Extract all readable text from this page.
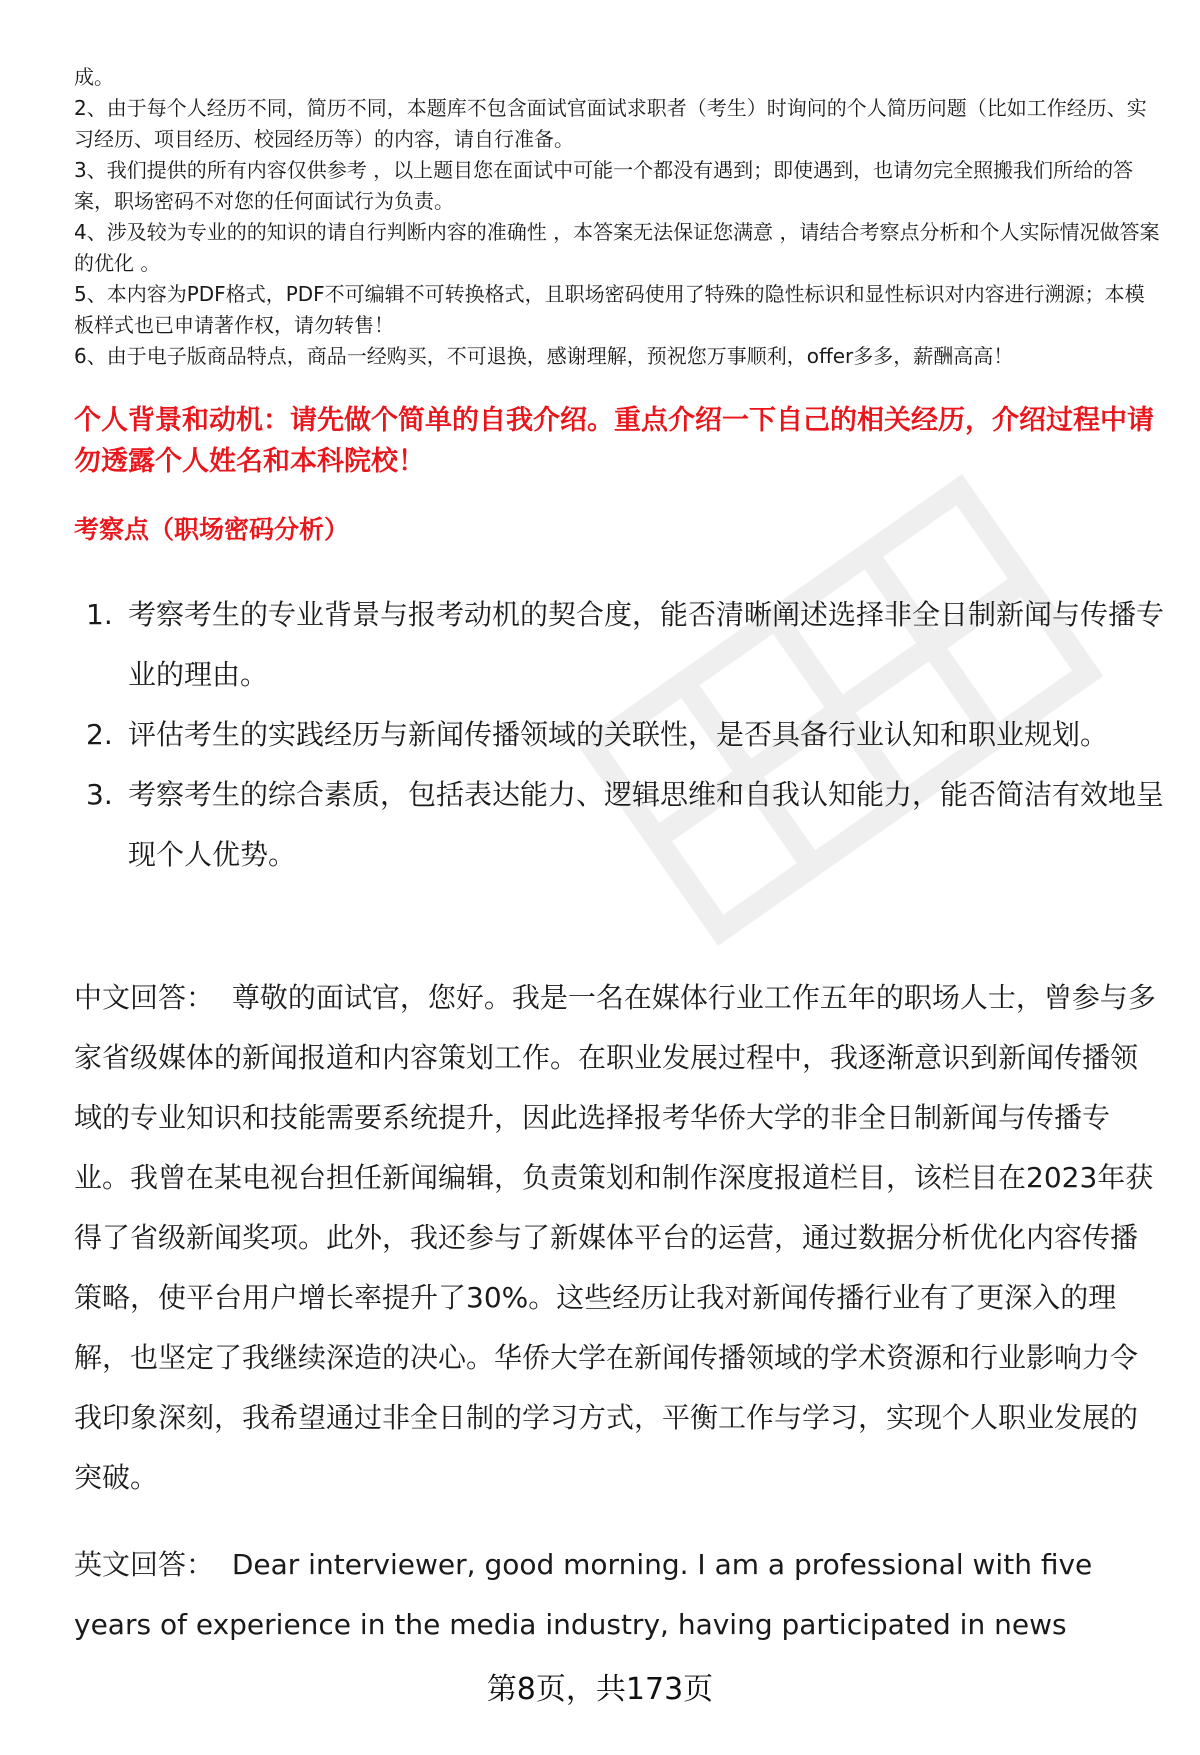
成。

2、由于每个人经历不同，简历不同，本题库不包含面试官面试求职者（考生）时询问的个人简历问题（比如工作经历、实习经历、项目经历、校园经历等）的内容，请自行准备。

3、我们提供的所有内容仅供参考 ，以上题目您在面试中可能一个都没有遇到；即使遇到，也请勿完全照搬我们所给的答案，职场密码不对您的任何面试行为负责。

4、涉及较为专业的的知识的请自行判断内容的准确性 ，本答案无法保证您满意 ，请结合考察点分析和个人实际情况做答案的优化 。

5、本内容为PDF格式，PDF不可编辑不可转换格式，且职场密码使用了特殊的隐性标识和显性标识对内容进行溯源；本模板样式也已申请著作权，请勿转售！

6、由于电子版商品特点，商品一经购买，不可退换，感谢理解，预祝您万事顺利，offer多多，薪酬高高！

个人背景和动机：请先做个简单的自我介绍。重点介绍一下自己的相关经历，介绍过程中请勿透露个人姓名和本科院校！
考察点（职场密码分析）
1. 考察考生的专业背景与报考动机的契合度，能否清晰阐述选择非全日制新闻与传播专业的理由。
2. 评估考生的实践经历与新闻传播领域的关联性，是否具备行业认知和职业规划。
3. 考察考生的综合素质，包括表达能力、逻辑思维和自我认知能力，能否简洁有效地呈现个人优势。

中文回答： 尊敬的面试官，您好。我是一名在媒体行业工作五年的职场人士，曾参与多家省级媒体的新闻报道和内容策划工作。在职业发展过程中，我逐渐意识到新闻传播领域的专业知识和技能需要系统提升，因此选择报考华侨大学的非全日制新闻与传播专业。我曾在某电视台担任新闻编辑，负责策划和制作深度报道栏目，该栏目在2023年获得了省级新闻奖项。此外，我还参与了新媒体平台的运营，通过数据分析优化内容传播策略，使平台用户增长率提升了30%。这些经历让我对新闻传播行业有了更深入的理解，也坚定了我继续深造的决心。华侨大学在新闻传播领域的学术资源和行业影响力令我印象深刻，我希望通过非全日制的学习方式，平衡工作与学习，实现个人职业发展的突破。

英文回答： Dear interviewer, good morning. I am a professional with five years of experience in the media industry, having participated in news

第8页，共173页
